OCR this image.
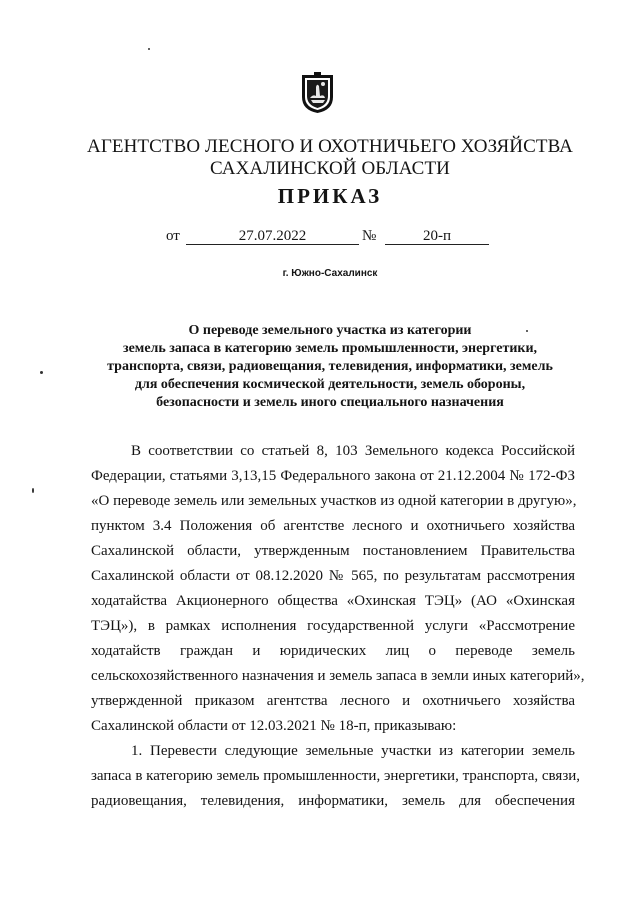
АГЕНТСТВО ЛЕСНОГО И ОХОТНИЧЬЕГО ХОЗЯЙСТВА
САХАЛИНСКОЙ ОБЛАСТИ
ПРИКАЗ
от	27.07.2022	№	20-п
г. Южно-Сахалинск
О переводе земельного участка из категории
земель запаса в категорию земель промышленности, энергетики,
транспорта, связи, радиовещания, телевидения, информатики, земель
для обеспечения космической деятельности, земель обороны,
безопасности и земель иного специального назначения
В соответствии со статьей 8, 103 Земельного кодекса Российской
Федерации, статьями 3,13,15 Федерального закона от 21.12.2004 № 172-ФЗ
«О переводе земель или земельных участков из одной категории в другую»,
пунктом 3.4 Положения об агентстве лесного и охотничьего хозяйства
Сахалинской области, утвержденным постановлением Правительства
Сахалинской области от 08.12.2020 № 565, по результатам рассмотрения
ходатайства Акционерного общества «Охинская ТЭЦ» (АО «Охинская
ТЭЦ»), в рамках исполнения государственной услуги «Рассмотрение
ходатайств граждан и юридических лиц о переводе земель
сельскохозяйственного назначения и земель запаса в земли иных категорий»,
утвержденной приказом агентства лесного и охотничьего хозяйства
Сахалинской области от 12.03.2021 № 18-п, приказываю:
1. Перевести следующие земельные участки из категории земель
запаса в категорию земель промышленности, энергетики, транспорта, связи,
радиовещания, телевидения, информатики, земель для обеспечения
